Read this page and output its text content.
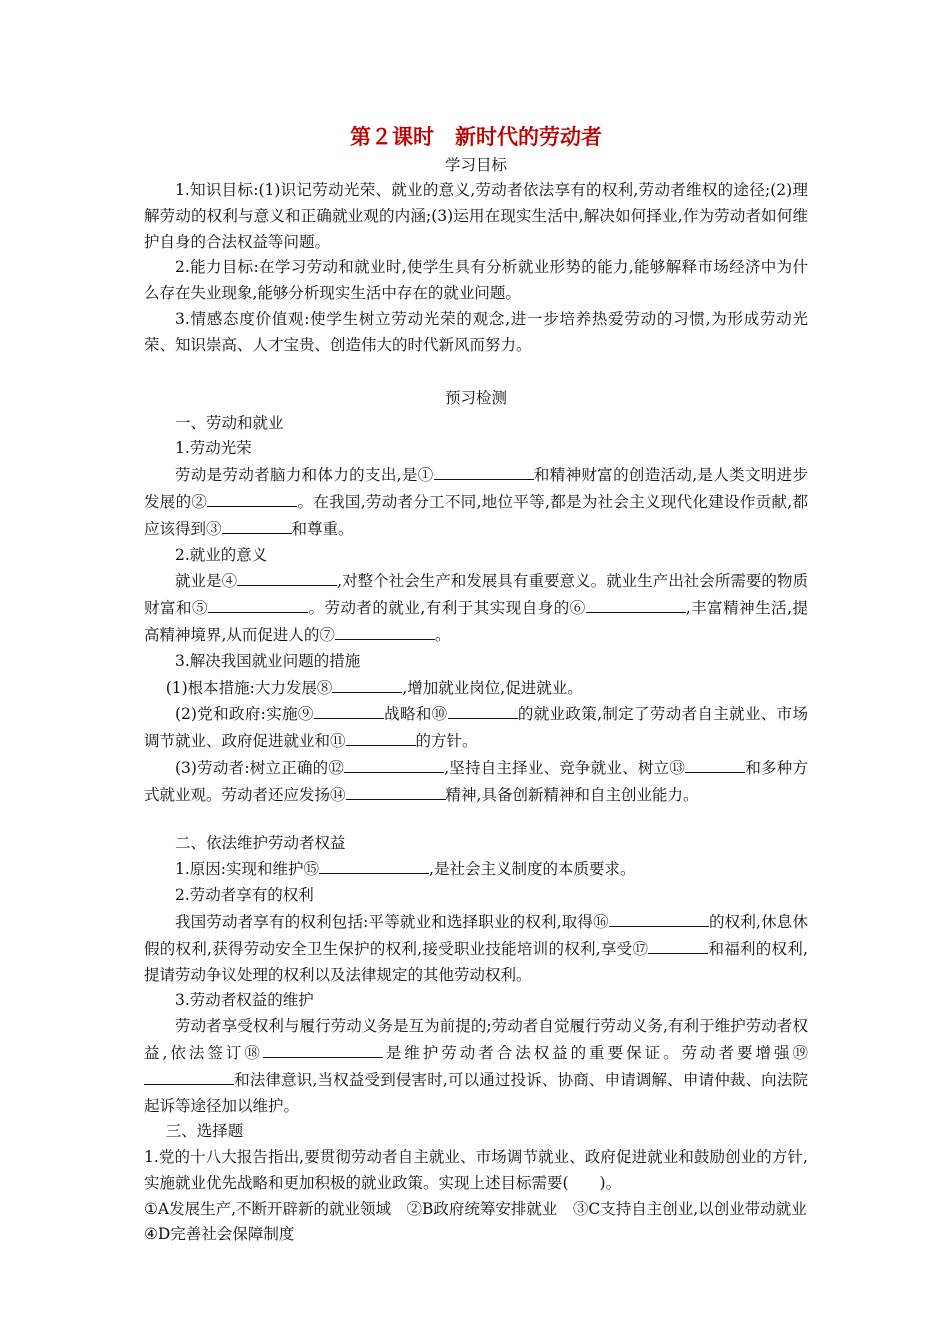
第２课时　新时代的劳动者
学习目标
1.知识目标:(1)识记劳动光荣、就业的意义,劳动者依法享有的权利,劳动者维权的途径;(2)理解劳动的权利与意义和正确就业观的内涵;(3)运用在现实生活中,解决如何择业,作为劳动者如何维护自身的合法权益等问题。
2.能力目标:在学习劳动和就业时,使学生具有分析就业形势的能力,能够解释市场经济中为什么存在失业现象,能够分析现实生活中存在的就业问题。
3.情感态度价值观:使学生树立劳动光荣的观念,进一步培养热爱劳动的习惯,为形成劳动光荣、知识崇高、人才宝贵、创造伟大的时代新风而努力。
预习检测
一、劳动和就业
1.劳动光荣
劳动是劳动者脑力和体力的支出,是①	和精神财富的创造活动,是人类文明进步发展的②	。在我国,劳动者分工不同,地位平等,都是为社会主义现代化建设作贡献,都应该得到③	和尊重。
2.就业的意义
就业是④	,对整个社会生产和发展具有重要意义。就业生产出社会所需要的物质财富和⑤	。劳动者的就业,有利于其实现自身的⑥	,丰富精神生活,提高精神境界,从而促进人的⑦	。
3.解决我国就业问题的措施
(1)根本措施:大力发展⑧	,增加就业岗位,促进就业。
(2)党和政府:实施⑨	战略和⑩	的就业政策,制定了劳动者自主就业、市场调节就业、政府促进就业和⑪	的方针。
(3)劳动者:树立正确的⑫	,坚持自主择业、竞争就业、树立⑬	和多种方式就业观。劳动者还应发扬⑭	精神,具备创新精神和自主创业能力。
二、依法维护劳动者权益
1.原因:实现和维护⑮	,是社会主义制度的本质要求。
2.劳动者享有的权利
我国劳动者享有的权利包括:平等就业和选择职业的权利,取得⑯	的权利,休息休假的权利,获得劳动安全卫生保护的权利,接受职业技能培训的权利,享受⑰	和福利的权利,提请劳动争议处理的权利以及法律规定的其他劳动权利。
3.劳动者权益的维护
劳动者享受权利与履行劳动义务是互为前提的;劳动者自觉履行劳动义务,有利于维护劳动者权益,依法签订⑱	是维护劳动者合法权益的重要保证。劳动者要增强⑲和法律意识,当权益受到侵害时,可以通过投诉、协商、申请调解、申请仲裁、向法院起诉等途径加以维护。
三、选择题
1.党的十八大报告指出,要贯彻劳动者自主就业、市场调节就业、政府促进就业和鼓励创业的方针,实施就业优先战略和更加积极的就业政策。实现上述目标需要(　　)。
①A发展生产,不断开辟新的就业领域　②B政府统筹安排就业　③C支持自主创业,以创业带动就业
④D完善社会保障制度
